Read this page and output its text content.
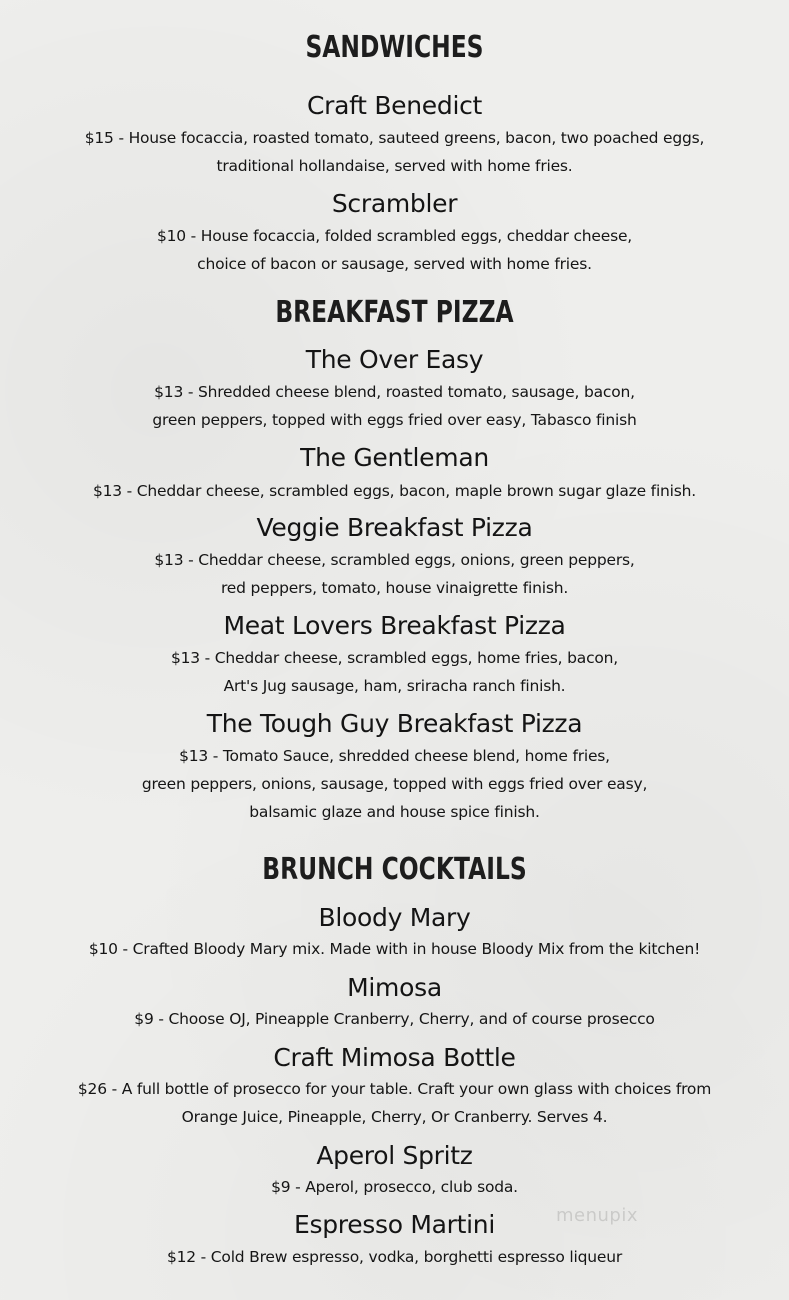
SANDWICHES
Craft Benedict
$15 - House focaccia, roasted tomato, sauteed greens, bacon, two poached eggs,
traditional hollandaise, served with home fries.
Scrambler
$10 - House focaccia, folded scrambled eggs, cheddar cheese,
choice of bacon or sausage, served with home fries.
BREAKFAST PIZZA
The Over Easy
$13 - Shredded cheese blend, roasted tomato, sausage, bacon,
green peppers, topped with eggs fried over easy, Tabasco finish
The Gentleman
$13 - Cheddar cheese, scrambled eggs, bacon, maple brown sugar glaze finish.
Veggie Breakfast Pizza
$13 - Cheddar cheese, scrambled eggs, onions, green peppers,
red peppers, tomato, house vinaigrette finish.
Meat Lovers Breakfast Pizza
$13 - Cheddar cheese, scrambled eggs, home fries, bacon,
Art's Jug sausage, ham, sriracha ranch finish.
The Tough Guy Breakfast Pizza
$13 - Tomato Sauce, shredded cheese blend, home fries,
green peppers, onions, sausage, topped with eggs fried over easy,
balsamic glaze and house spice finish.
BRUNCH COCKTAILS
Bloody Mary
$10 - Crafted Bloody Mary mix. Made with in house Bloody Mix from the kitchen!
Mimosa
$9 - Choose OJ, Pineapple Cranberry, Cherry, and of course prosecco
Craft Mimosa Bottle
$26 - A full bottle of prosecco for your table. Craft your own glass with choices from
Orange Juice, Pineapple, Cherry, Or Cranberry. Serves 4.
Aperol Spritz
$9 - Aperol, prosecco, club soda.
Espresso Martini
$12 - Cold Brew espresso, vodka, borghetti espresso liqueur
menupix
